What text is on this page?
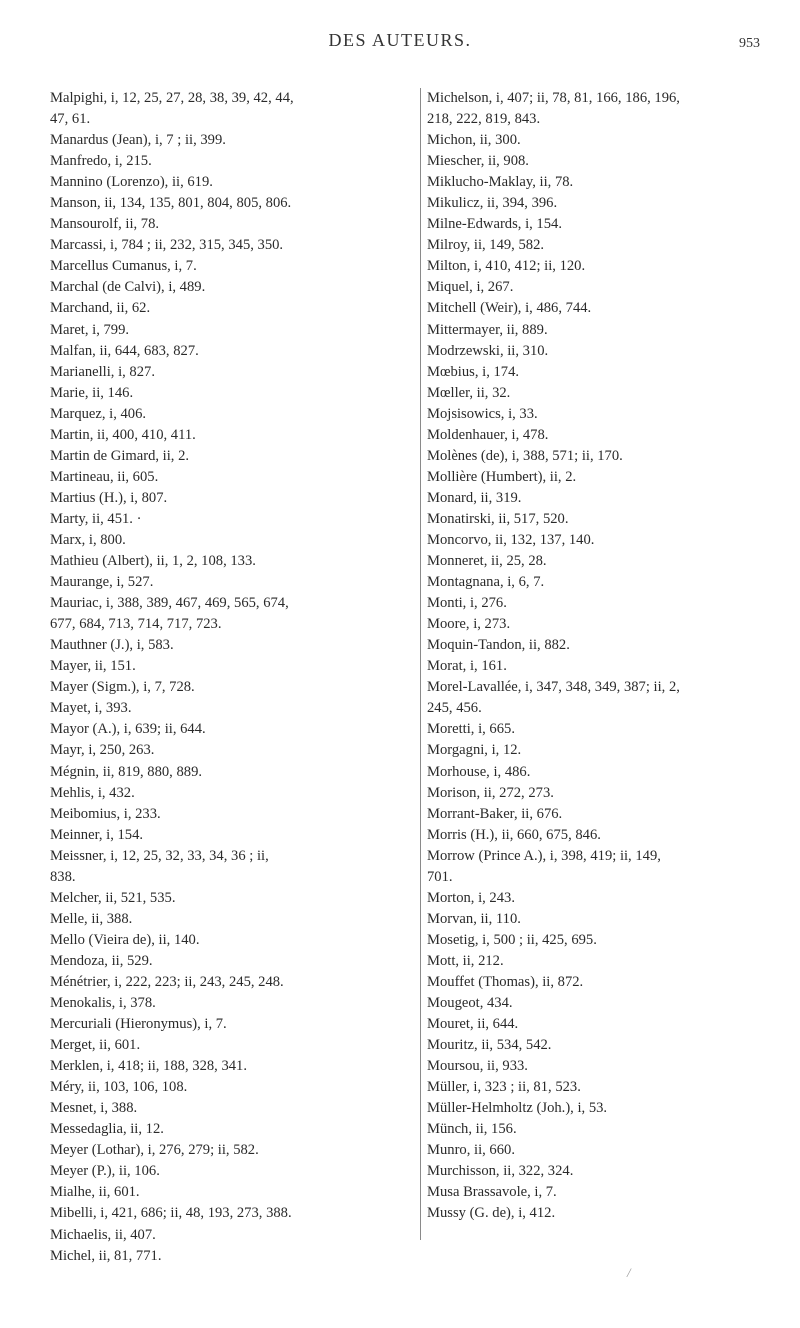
DES AUTEURS.	953

Malpighi, i, 12, 25, 27, 28, 38, 39, 42, 44,
47, 61.

Manardus (Jean), i, 7 ; ii, 399.

Manfredo, i, 215.

Mannino (Lorenzo), ii, 619.

Manson, ii, 134, 135, 801, 804, 805, 806.

Mansourolf, ii, 78.

Marcassi, i, 784 ; ii, 232, 315, 345, 350.

Marcellus Cumanus, i, 7.

Marchal (de Calvi), i, 489.

Marchand, ii, 62.

Maret, i, 799.

Malfan, ii, 644, 683, 827.

Marianelli, i, 827.

Marie, ii, 146.

Marquez, i, 406.

Martin, ii, 400, 410, 411.

Martin de Gimard, ii, 2.

Martineau, ii, 605.

Martius (H.), i, 807.

Marty, ii, 451. ·

Marx, i, 800.

Mathieu (Albert), ii, 1, 2, 108, 133.

Maurange, i, 527.

Mauriac, i, 388, 389, 467, 469, 565, 674,
677, 684, 713, 714, 717, 723.

Mauthner (J.), i, 583.

Mayer, ii, 151.

Mayer (Sigm.), i, 7, 728.

Mayet, i, 393.

Mayor (A.), i, 639; ii, 644.

Mayr, i, 250, 263.

Mégnin, ii, 819, 880, 889.

Mehlis, i, 432.

Meibomius, i, 233.

Meinner, i, 154.

Meissner, i, 12, 25, 32, 33, 34, 36 ; ii,
838.

Melcher, ii, 521, 535.

Melle, ii, 388.

Mello (Vieira de), ii, 140.

Mendoza, ii, 529.

Ménétrier, i, 222, 223; ii, 243, 245, 248.

Menokalis, i, 378.

Mercuriali (Hieronymus), i, 7.

Merget, ii, 601.

Merklen, i, 418; ii, 188, 328, 341.

Méry, ii, 103, 106, 108.

Mesnet, i, 388.

Messedaglia, ii, 12.

Meyer (Lothar), i, 276, 279; ii, 582.

Meyer (P.), ii, 106.

Mialhe, ii, 601.

Mibelli, i, 421, 686; ii, 48, 193, 273, 388.

Michaelis, ii, 407.

Michel, ii, 81, 771.

Michelson, i, 407; ii, 78, 81, 166, 186, 196,
218, 222, 819, 843.

Michon, ii, 300.

Miescher, ii, 908.

Miklucho-Maklay, ii, 78.

Mikulicz, ii, 394, 396.

Milne-Edwards, i, 154.

Milroy, ii, 149, 582.

Milton, i, 410, 412; ii, 120.

Miquel, i, 267.

Mitchell (Weir), i, 486, 744.

Mittermayer, ii, 889.

Modrzewski, ii, 310.

Mœbius, i, 174.

Mœller, ii, 32.

Mojsisowics, i, 33.

Moldenhauer, i, 478.

Molènes (de), i, 388, 571; ii, 170.

Mollière (Humbert), ii, 2.

Monard, ii, 319.

Monatirski, ii, 517, 520.

Moncorvo, ii, 132, 137, 140.

Monneret, ii, 25, 28.

Montagnana, i, 6, 7.

Monti, i, 276.

Moore, i, 273.

Moquin-Tandon, ii, 882.

Morat, i, 161.

Morel-Lavallée, i, 347, 348, 349, 387; ii, 2,
245, 456.

Moretti, i, 665.

Morgagni, i, 12.

Morhouse, i, 486.

Morison, ii, 272, 273.

Morrant-Baker, ii, 676.

Morris (H.), ii, 660, 675, 846.

Morrow (Prince A.), i, 398, 419; ii, 149,
701.

Morton, i, 243.

Morvan, ii, 110.

Mosetig, i, 500 ; ii, 425, 695.

Mott, ii, 212.

Mouffet (Thomas), ii, 872.

Mougeot, 434.

Mouret, ii, 644.

Mouritz, ii, 534, 542.

Moursou, ii, 933.

Müller, i, 323 ; ii, 81, 523.

Müller-Helmholtz (Joh.), i, 53.

Münch, ii, 156.

Munro, ii, 660.

Murchisson, ii, 322, 324.

Musa Brassavole, i, 7.

Mussy (G. de), i, 412.

/
